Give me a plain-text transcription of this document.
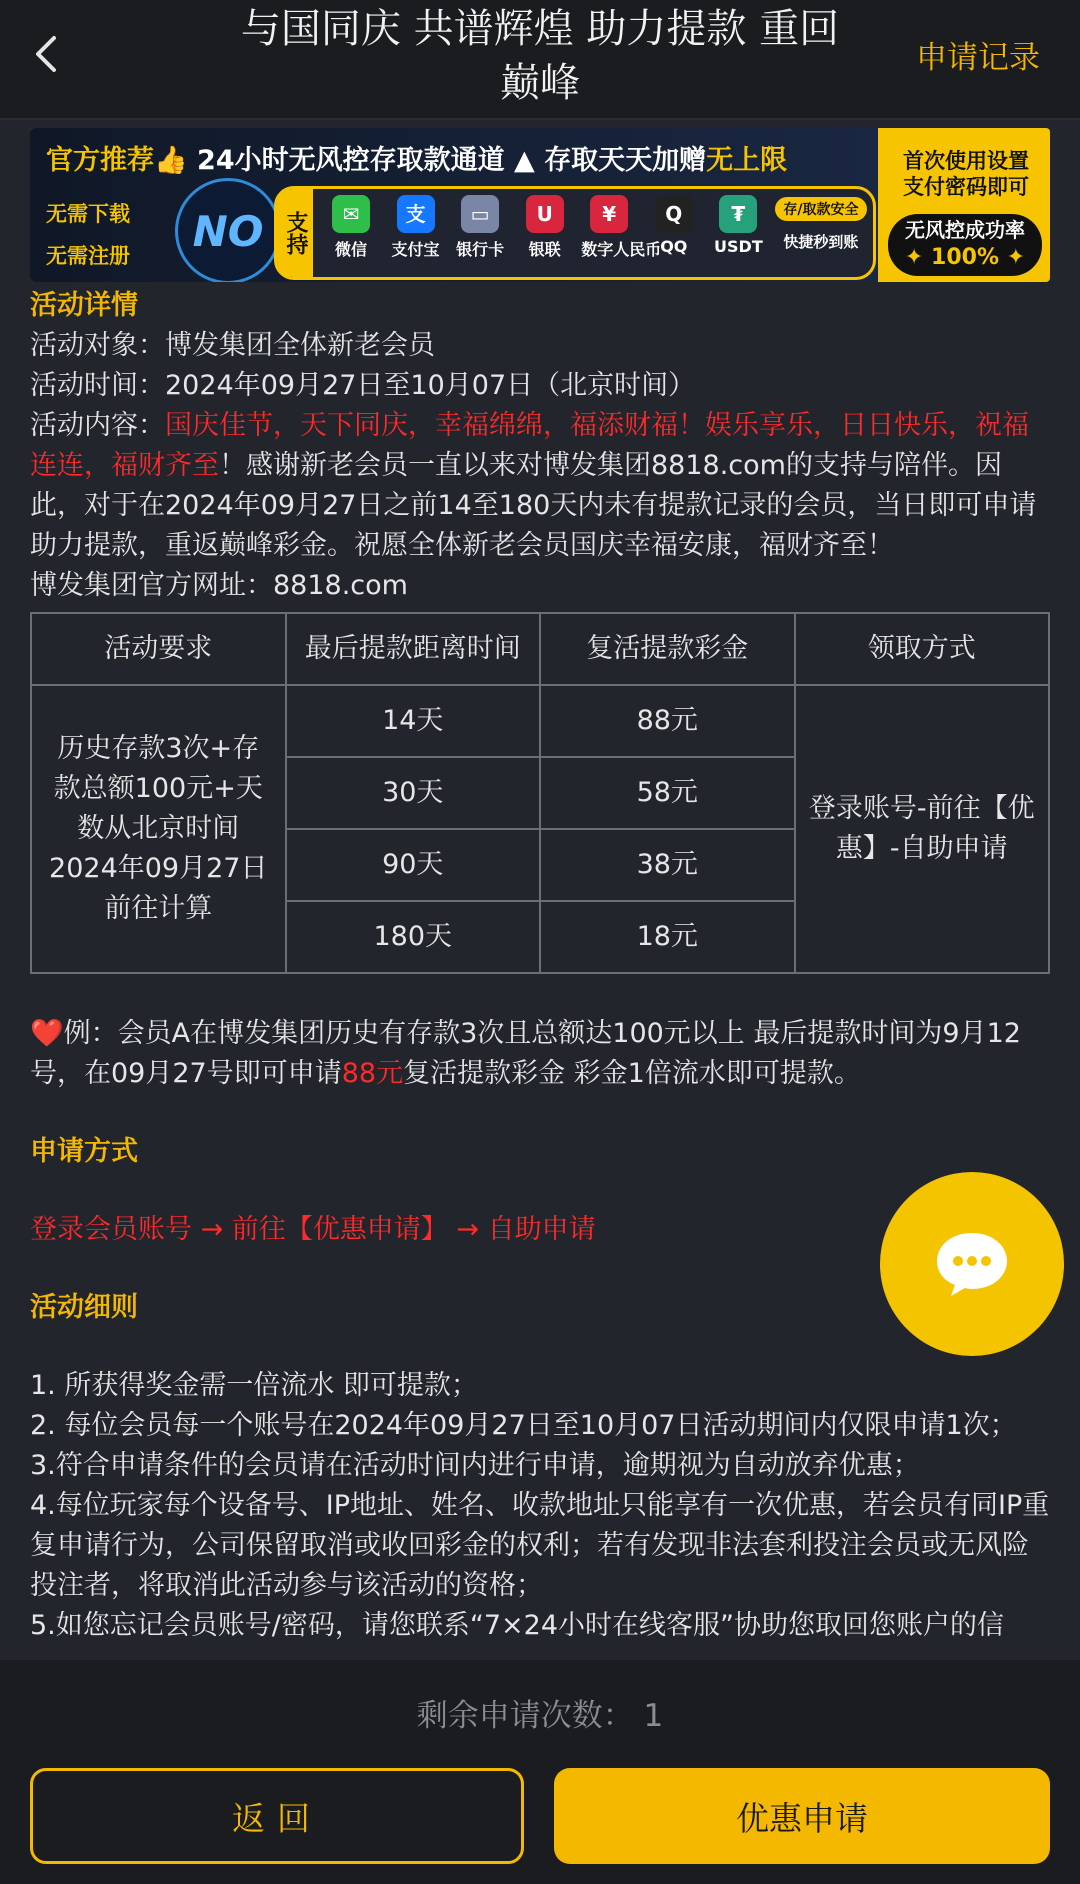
与国同庆 共谱辉煌 助力提款 重回
巅峰
申请记录
官方推荐👍 24小时无风控存取款通道 ▲ 存取天天加赠无上限
无需下载
无需注册
NO 支持	✉
微信
支
支付宝
▭
银行卡
U
银联
¥
数字人民币
Q
QQ
₮
USDT
存/取款安全
快捷秒到账
首次使用设置
支付密码即可
无风控成功率
✦ 100% ✦
活动详情

活动对象：博发集团全体新老会员

活动时间：2024年09月27日至10月07日（北京时间）

活动内容：国庆佳节，天下同庆，幸福绵绵，福添财福！娱乐享乐，日日快乐，祝福连连，福财齐至！感谢新老会员一直以来对博发集团8818.com的支持与陪伴。因此，对于在2024年09月27日之前14至180天内未有提款记录的会员，当日即可申请助力提款，重返巅峰彩金。祝愿全体新老会员国庆幸福安康，福财齐至！

博发集团官方网址：8818.com

活动要求	最后提款距离时间	复活提款彩金	领取方式
历史存款3次+存款总额100元+天数从北京时间2024年09月27日前往计算	14天	88元	登录账号-前往【优惠】-自助申请
	30天	58元	
	90天	38元	
	180天	18元	

❤️例：会员A在博发集团历史有存款3次且总额达100元以上 最后提款时间为9月12号，在09月27号即可申请88元复活提款彩金 彩金1倍流水即可提款。

申请方式

登录会员账号 → 前往【优惠申请】 → 自助申请

活动细则

1. 所获得奖金需一倍流水 即可提款；

2. 每位会员每一个账号在2024年09月27日至10月07日活动期间内仅限申请1次；

3.符合申请条件的会员请在活动时间内进行申请，逾期视为自动放弃优惠；

4.每位玩家每个设备号、IP地址、姓名、收款地址只能享有一次优惠，若会员有同IP重复申请行为，公司保留取消或收回彩金的权利；若有发现非法套利投注会员或无风险投注者，将取消此活动参与该活动的资格；

5.如您忘记会员账号/密码，请您联系“7×24小时在线客服”协助您取回您账户的信

剩余申请次数： 1
返回	优惠申请
